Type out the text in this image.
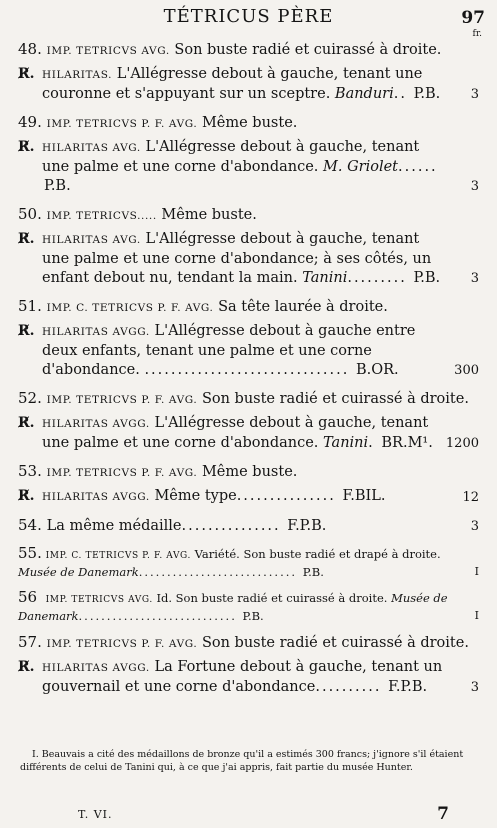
TÉTRICUS PÈRE	97
fr.
48. IMP. TETRICVS AVG. Son buste radié et cuirassé à droite.
R̸. HILARITAS. L'Allégresse debout à gauche, tenant une couronne et s'appuyant sur un sceptre. Banduri.. P.B. 3
49. IMP. TETRICVS P. F. AVG. Même buste.
R̸. HILARITAS AVG. L'Allégresse debout à gauche, tenant une palme et une corne d'abondance. M. Griolet...... P.B.	3
50. IMP. TETRICVS..... Même buste.
R̸. HILARITAS AVG. L'Allégresse debout à gauche, tenant une palme et une corne d'abondance; à ses côtés, un enfant debout nu, tendant la main. Tanini......... P.B. 3
51. IMP. C. TETRICVS P. F. AVG. Sa tête laurée à droite.
R̸. HILARITAS AVGG. L'Allégresse debout à gauche entre deux enfants, tenant une palme et une corne d'abondance. ............................... B.OR.	300
52. IMP. TETRICVS P. F. AVG. Son buste radié et cuirassé à droite.
R̸. HILARITAS AVGG. L'Allégresse debout à gauche, tenant une palme et une corne d'abondance. Tanini. BR.M¹. 1200
53. IMP. TETRICVS P. F. AVG. Même buste.
R̸. HILARITAS AVGG. Même type............... F.BIL.	12
54. La même médaille............... F.P.B.	3
55. IMP. C. TETRICVS P. F. AVG. Variété. Son buste radié et drapé à droite. Musée de Danemark............................ P.B.	I
56 IMP. TETRICVS AVG. Id. Son buste radié et cuirassé à droite. Musée de Danemark............................ P.B.	I
57. IMP. TETRICVS P. F. AVG. Son buste radié et cuirassé à droite.
R̸. HILARITAS AVGG. La Fortune debout à gauche, tenant un gouvernail et une corne d'abondance.......... F.P.B.	3
I. Beauvais a cité des médaillons de bronze qu'il a estimés 300 francs; j'ignore s'il étaient différents de celui de Tanini qui, à ce que j'ai appris, fait partie du musée Hunter.
T. VI.	7
